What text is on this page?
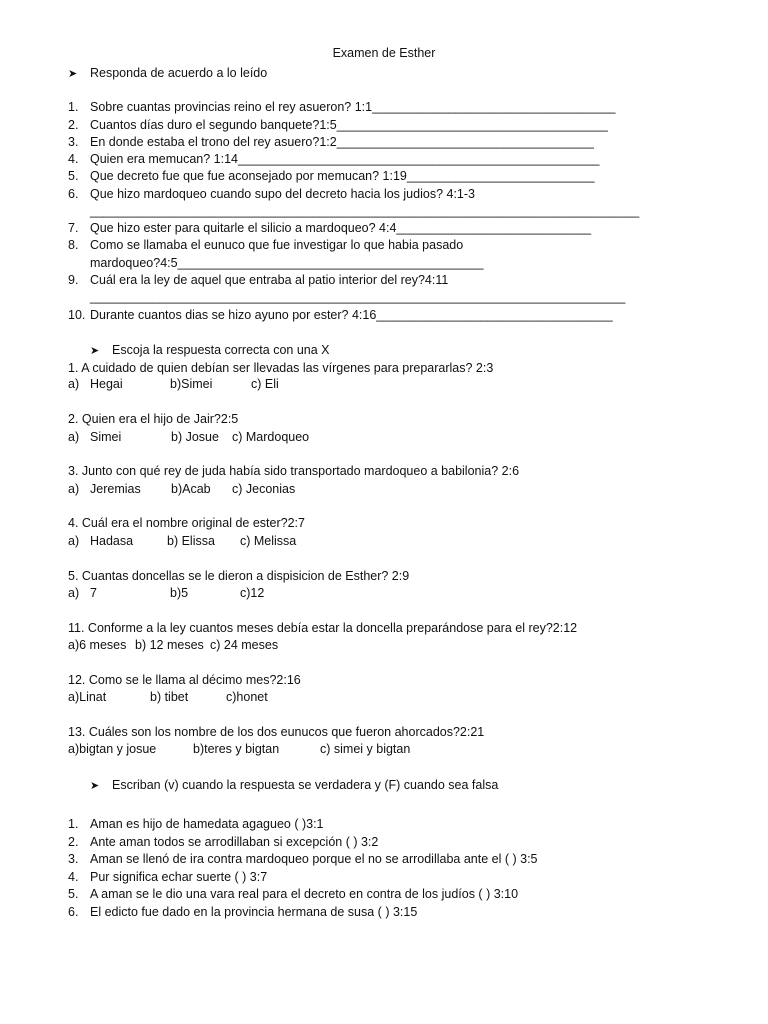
Examen de Esther
➤ Responda de acuerdo a lo leído
1. Sobre cuantas provincias reino el rey asueron? 1:1___________________________________
2. Cuantos días duro el segundo banquete?1:5_______________________________________
3. En donde estaba el trono del rey asuero?1:2_____________________________________
4. Quien era memucan? 1:14____________________________________________________
5. Que decreto fue que fue aconsejado por memucan? 1:19___________________________
6. Que hizo mardoqueo cuando supo del decreto hacia los judios? 4:1-3
_______________________________________________________________________________
7. Que hizo ester para quitarle el silicio a mardoqueo? 4:4____________________________
8. Como se llamaba el eunuco que fue investigar lo que habia pasado
mardoqueo?4:5____________________________________________
9. Cuál era la ley de aquel que entraba al patio interior del rey?4:11
_____________________________________________________________________________
10. Durante cuantos dias se hizo ayuno por ester? 4:16__________________________________
➤ Escoja la respuesta correcta con una X
1. A cuidado de quien debían ser llevadas las vírgenes para prepararlas? 2:3
a) Hegai	b)Simei	c) Eli
2. Quien era el hijo de Jair?2:5
a) Simei	b) Josue c) Mardoqueo
3. Junto con qué rey de juda había sido transportado mardoqueo a babilonia? 2:6
a) Jeremias b)Acab c) Jeconias
4. Cuál era el nombre original de ester?2:7
a) Hadasa	b) Elissa c) Melissa
5. Cuantas doncellas se le dieron a dispisicion de Esther? 2:9
a) 7	b)5	c)12
11. Conforme a la ley cuantos meses debía estar la doncella preparándose para el rey?2:12
a)6 meses b) 12 meses c) 24 meses
12. Como se le llama al décimo mes?2:16
a)Linat	b) tibet	c)honet
13. Cuáles son los nombre de los dos eunucos que fueron ahorcados?2:21
a)bigtan y josue	b)teres y bigtan	c) simei y bigtan
➤ Escriban (v) cuando la respuesta se verdadera y (F) cuando sea falsa
1. Aman es hijo de hamedata agagueo ( )3:1
2. Ante aman todos se arrodillaban si excepción ( ) 3:2
3. Aman se llenó de ira contra mardoqueo porque el no se arrodillaba ante el ( ) 3:5
4. Pur significa echar suerte ( ) 3:7
5. A aman se le dio una vara real para el decreto en contra de los judíos ( ) 3:10
6. El edicto fue dado en la provincia hermana de susa ( ) 3:15
